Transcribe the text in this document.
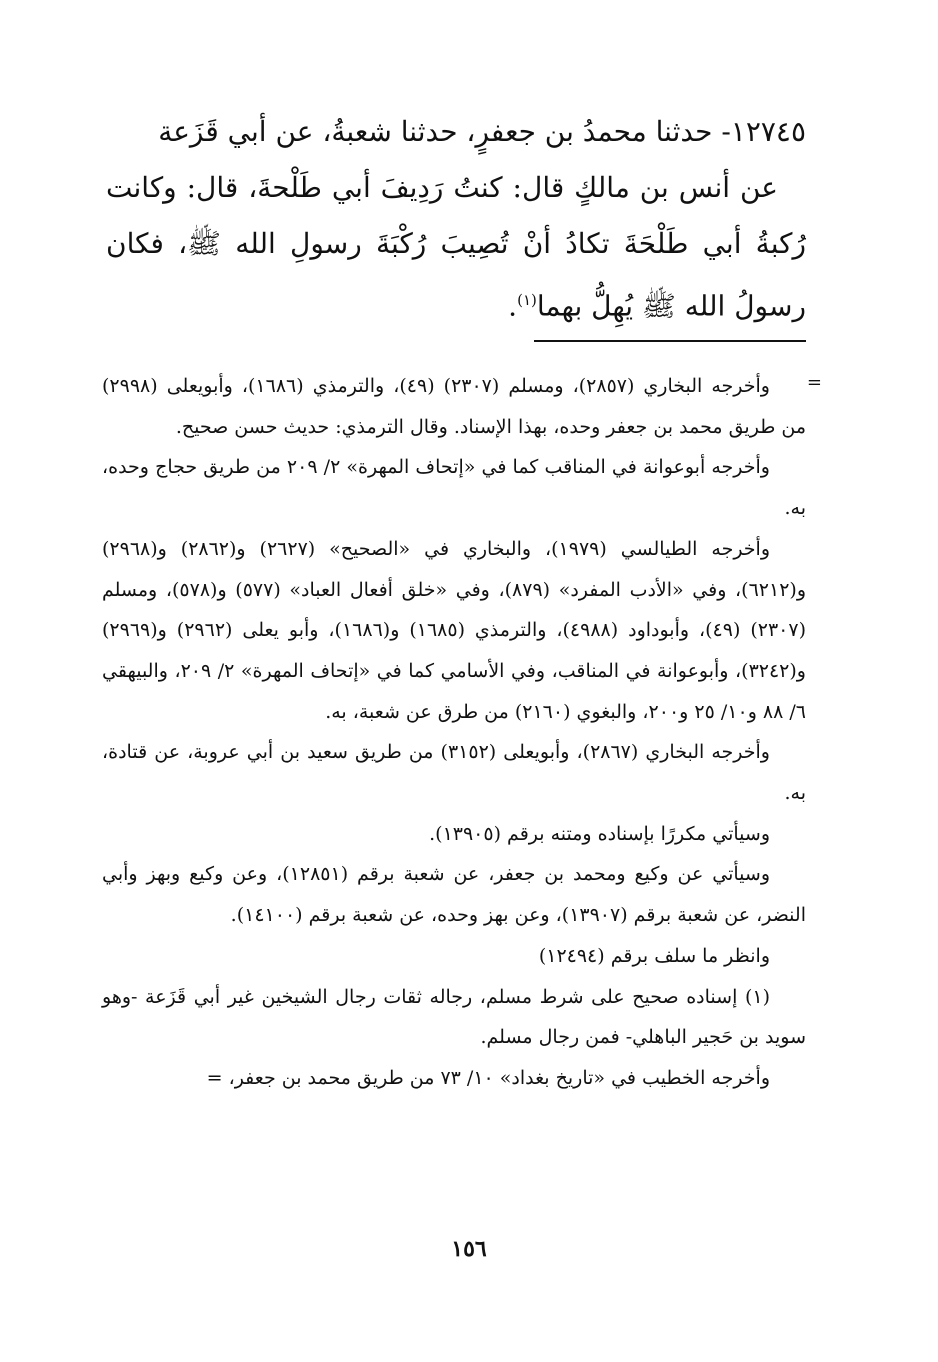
١٢٧٤٥- حدثنا محمدُ بن جعفرٍ، حدثنا شعبةُ، عن أبي قَزَعة

عن أنس بن مالكٍ قال: كنتُ رَدِيفَ أبي طَلْحةَ، قال: وكانت رُكبةُ أبي طَلْحَةَ تكادُ أنْ تُصِيبَ رُكْبَةَ رسولِ الله ﷺ، فكان رسولُ الله ﷺ يُهِلُّ بهما$^{(١)}$.

=

وأخرجه البخاري (٢٨٥٧)، ومسلم (٢٣٠٧) (٤٩)، والترمذي (١٦٨٦)، وأبويعلى (٢٩٩٨) من طريق محمد بن جعفر وحده، بهذا الإسناد. وقال الترمذي: حديث حسن صحيح.

وأخرجه أبوعوانة في المناقب كما في «إتحاف المهرة» ٢/ ٢٠٩ من طريق حجاج وحده، به.

وأخرجه الطيالسي (١٩٧٩)، والبخاري في «الصحيح» (٢٦٢٧) و(٢٨٦٢) و(٢٩٦٨) و(٦٢١٢)، وفي «الأدب المفرد» (٨٧٩)، وفي «خلق أفعال العباد» (٥٧٧) و(٥٧٨)، ومسلم (٢٣٠٧) (٤٩)، وأبوداود (٤٩٨٨)، والترمذي (١٦٨٥) و(١٦٨٦)، وأبو يعلى (٢٩٦٢) و(٢٩٦٩) و(٣٢٤٢)، وأبوعوانة في المناقب، وفي الأسامي كما في «إتحاف المهرة» ٢/ ٢٠٩، والبيهقي ٦/ ٨٨ و١٠/ ٢٥ و٢٠٠، والبغوي (٢١٦٠) من طرق عن شعبة، به.

وأخرجه البخاري (٢٨٦٧)، وأبويعلى (٣١٥٢) من طريق سعيد بن أبي عروبة، عن قتادة، به.

وسيأتي مكررًا بإسناده ومتنه برقم (١٣٩٠٥).

وسيأتي عن وكيع ومحمد بن جعفر، عن شعبة برقم (١٢٨٥١)، وعن وكيع وبهز وأبي النضر، عن شعبة برقم (١٣٩٠٧)، وعن بهز وحده، عن شعبة برقم (١٤١٠٠).

وانظر ما سلف برقم (١٢٤٩٤)

(١) إسناده صحيح على شرط مسلم، رجاله ثقات رجال الشيخين غير أبي قَزَعة -وهو سويد بن حَجير الباهلي- فمن رجال مسلم.

وأخرجه الخطيب في «تاريخ بغداد» ١٠/ ٧٣ من طريق محمد بن جعفر، =

١٥٦
